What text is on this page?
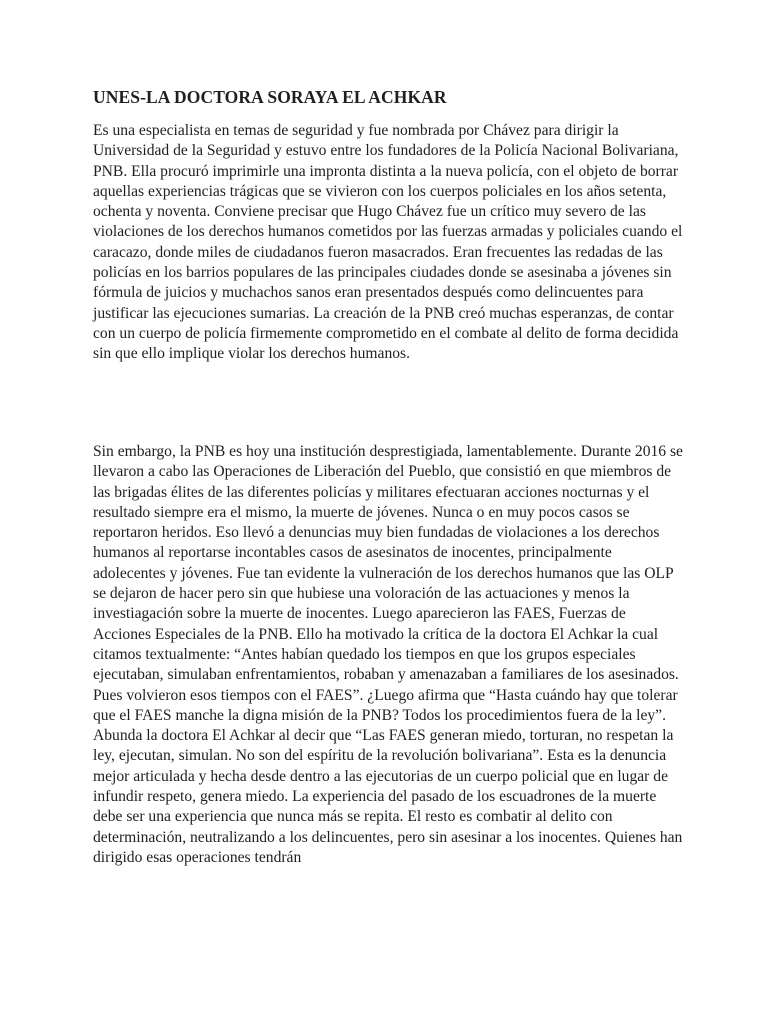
UNES-LA DOCTORA SORAYA EL ACHKAR

Es una especialista en temas de seguridad y fue nombrada por Chávez para dirigir la Universidad de la Seguridad y estuvo entre los fundadores de la Policía Nacional Bolivariana, PNB. Ella procuró imprimirle una impronta distinta a la nueva policía, con el objeto de borrar aquellas experiencias trágicas que se vivieron con los cuerpos policiales en los años setenta, ochenta y noventa. Conviene precisar que Hugo Chávez fue un crítico muy severo de las violaciones de los derechos humanos cometidos por las fuerzas armadas y policiales cuando el caracazo, donde miles de ciudadanos fueron masacrados. Eran frecuentes las redadas de las policías en los barrios populares de las principales ciudades donde se asesinaba a jóvenes sin fórmula de juicios y muchachos sanos eran presentados después como delincuentes para justificar las ejecuciones sumarias. La creación de la PNB creó muchas esperanzas, de contar con un cuerpo de policía firmemente comprometido en el combate al delito de forma decidida sin que ello implique violar los derechos humanos.

Sin embargo, la PNB es hoy una institución desprestigiada, lamentablemente. Durante 2016 se llevaron a cabo las Operaciones de Liberación del Pueblo, que consistió en que miembros de las brigadas élites de las diferentes policías y militares efectuaran acciones nocturnas y el resultado siempre era el mismo, la muerte de jóvenes. Nunca o en muy pocos casos se reportaron heridos. Eso llevó a denuncias muy bien fundadas de violaciones a los derechos humanos al reportarse incontables casos de asesinatos de inocentes, principalmente adolecentes y jóvenes. Fue tan evidente la vulneración de los derechos humanos que las OLP se dejaron de hacer pero sin que hubiese una voloración de las actuaciones y menos la investiagación sobre la muerte de inocentes. Luego aparecieron las FAES, Fuerzas de Acciones Especiales de la PNB. Ello ha motivado la crítica de la doctora El Achkar la cual citamos textualmente: “Antes habían quedado los tiempos en que los grupos especiales ejecutaban, simulaban enfrentamientos, robaban y amenazaban a familiares de los asesinados. Pues volvieron esos tiempos con el FAES”. ¿Luego afirma que “Hasta cuándo hay que tolerar que el FAES manche la digna misión de la PNB? Todos los procedimientos fuera de la ley”. Abunda la doctora El Achkar al decir que “Las FAES generan miedo, torturan, no respetan la ley, ejecutan, simulan. No son del espíritu de la revolución bolivariana”. Esta es la denuncia mejor articulada y hecha desde dentro a las ejecutorias de un cuerpo policial que en lugar de infundir respeto, genera miedo. La experiencia del pasado de los escuadrones de la muerte debe ser una experiencia que nunca más se repita. El resto es combatir al delito con determinación, neutralizando a los delincuentes, pero sin asesinar a los inocentes. Quienes han dirigido esas operaciones tendrán
